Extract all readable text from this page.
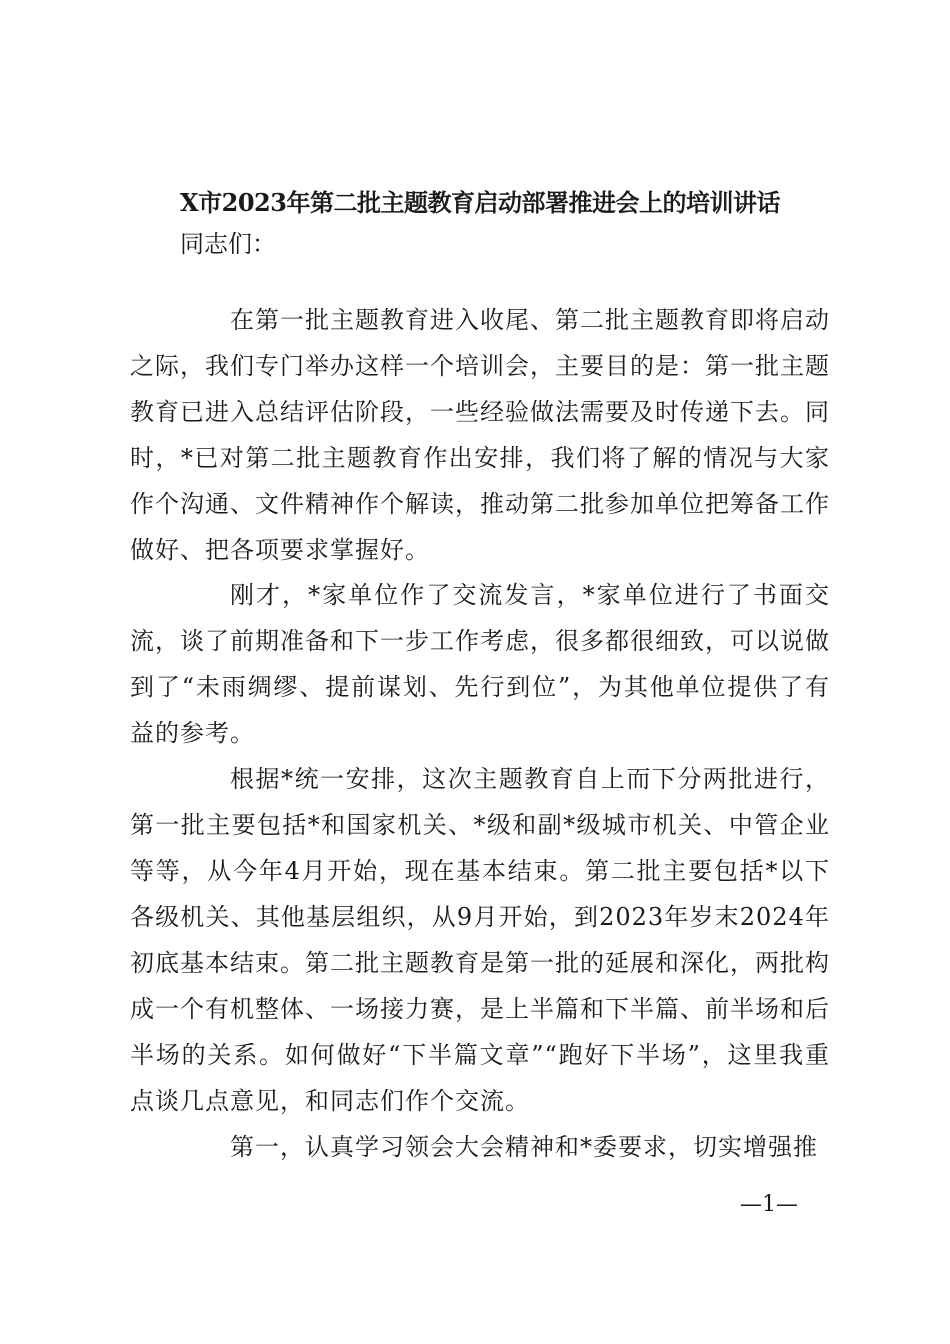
X市2023年第二批主题教育启动部署推进会上的培训讲话
同志们：

在第一批主题教育进入收尾、第二批主题教育即将启动之际，我们专门举办这样一个培训会，主要目的是：第一批主题教育已进入总结评估阶段，一些经验做法需要及时传递下去。同时，*已对第二批主题教育作出安排，我们将了解的情况与大家作个沟通、文件精神作个解读，推动第二批参加单位把筹备工作做好、把各项要求掌握好。

刚才，*家单位作了交流发言，*家单位进行了书面交流，谈了前期准备和下一步工作考虑，很多都很细致，可以说做到了“未雨绸缪、提前谋划、先行到位”，为其他单位提供了有益的参考。

根据*统一安排，这次主题教育自上而下分两批进行，第一批主要包括*和国家机关、*级和副*级城市机关、中管企业等等，从今年4月开始，现在基本结束。第二批主要包括*以下各级机关、其他基层组织，从9月开始，到2023年岁末2024年初底基本结束。第二批主题教育是第一批的延展和深化，两批构成一个有机整体、一场接力赛，是上半篇和下半篇、前半场和后半场的关系。如何做好“下半篇文章”“跑好下半场”，这里我重点谈几点意见，和同志们作个交流。

第一，认真学习领会大会精神和*委要求，切实增强推

—1—
